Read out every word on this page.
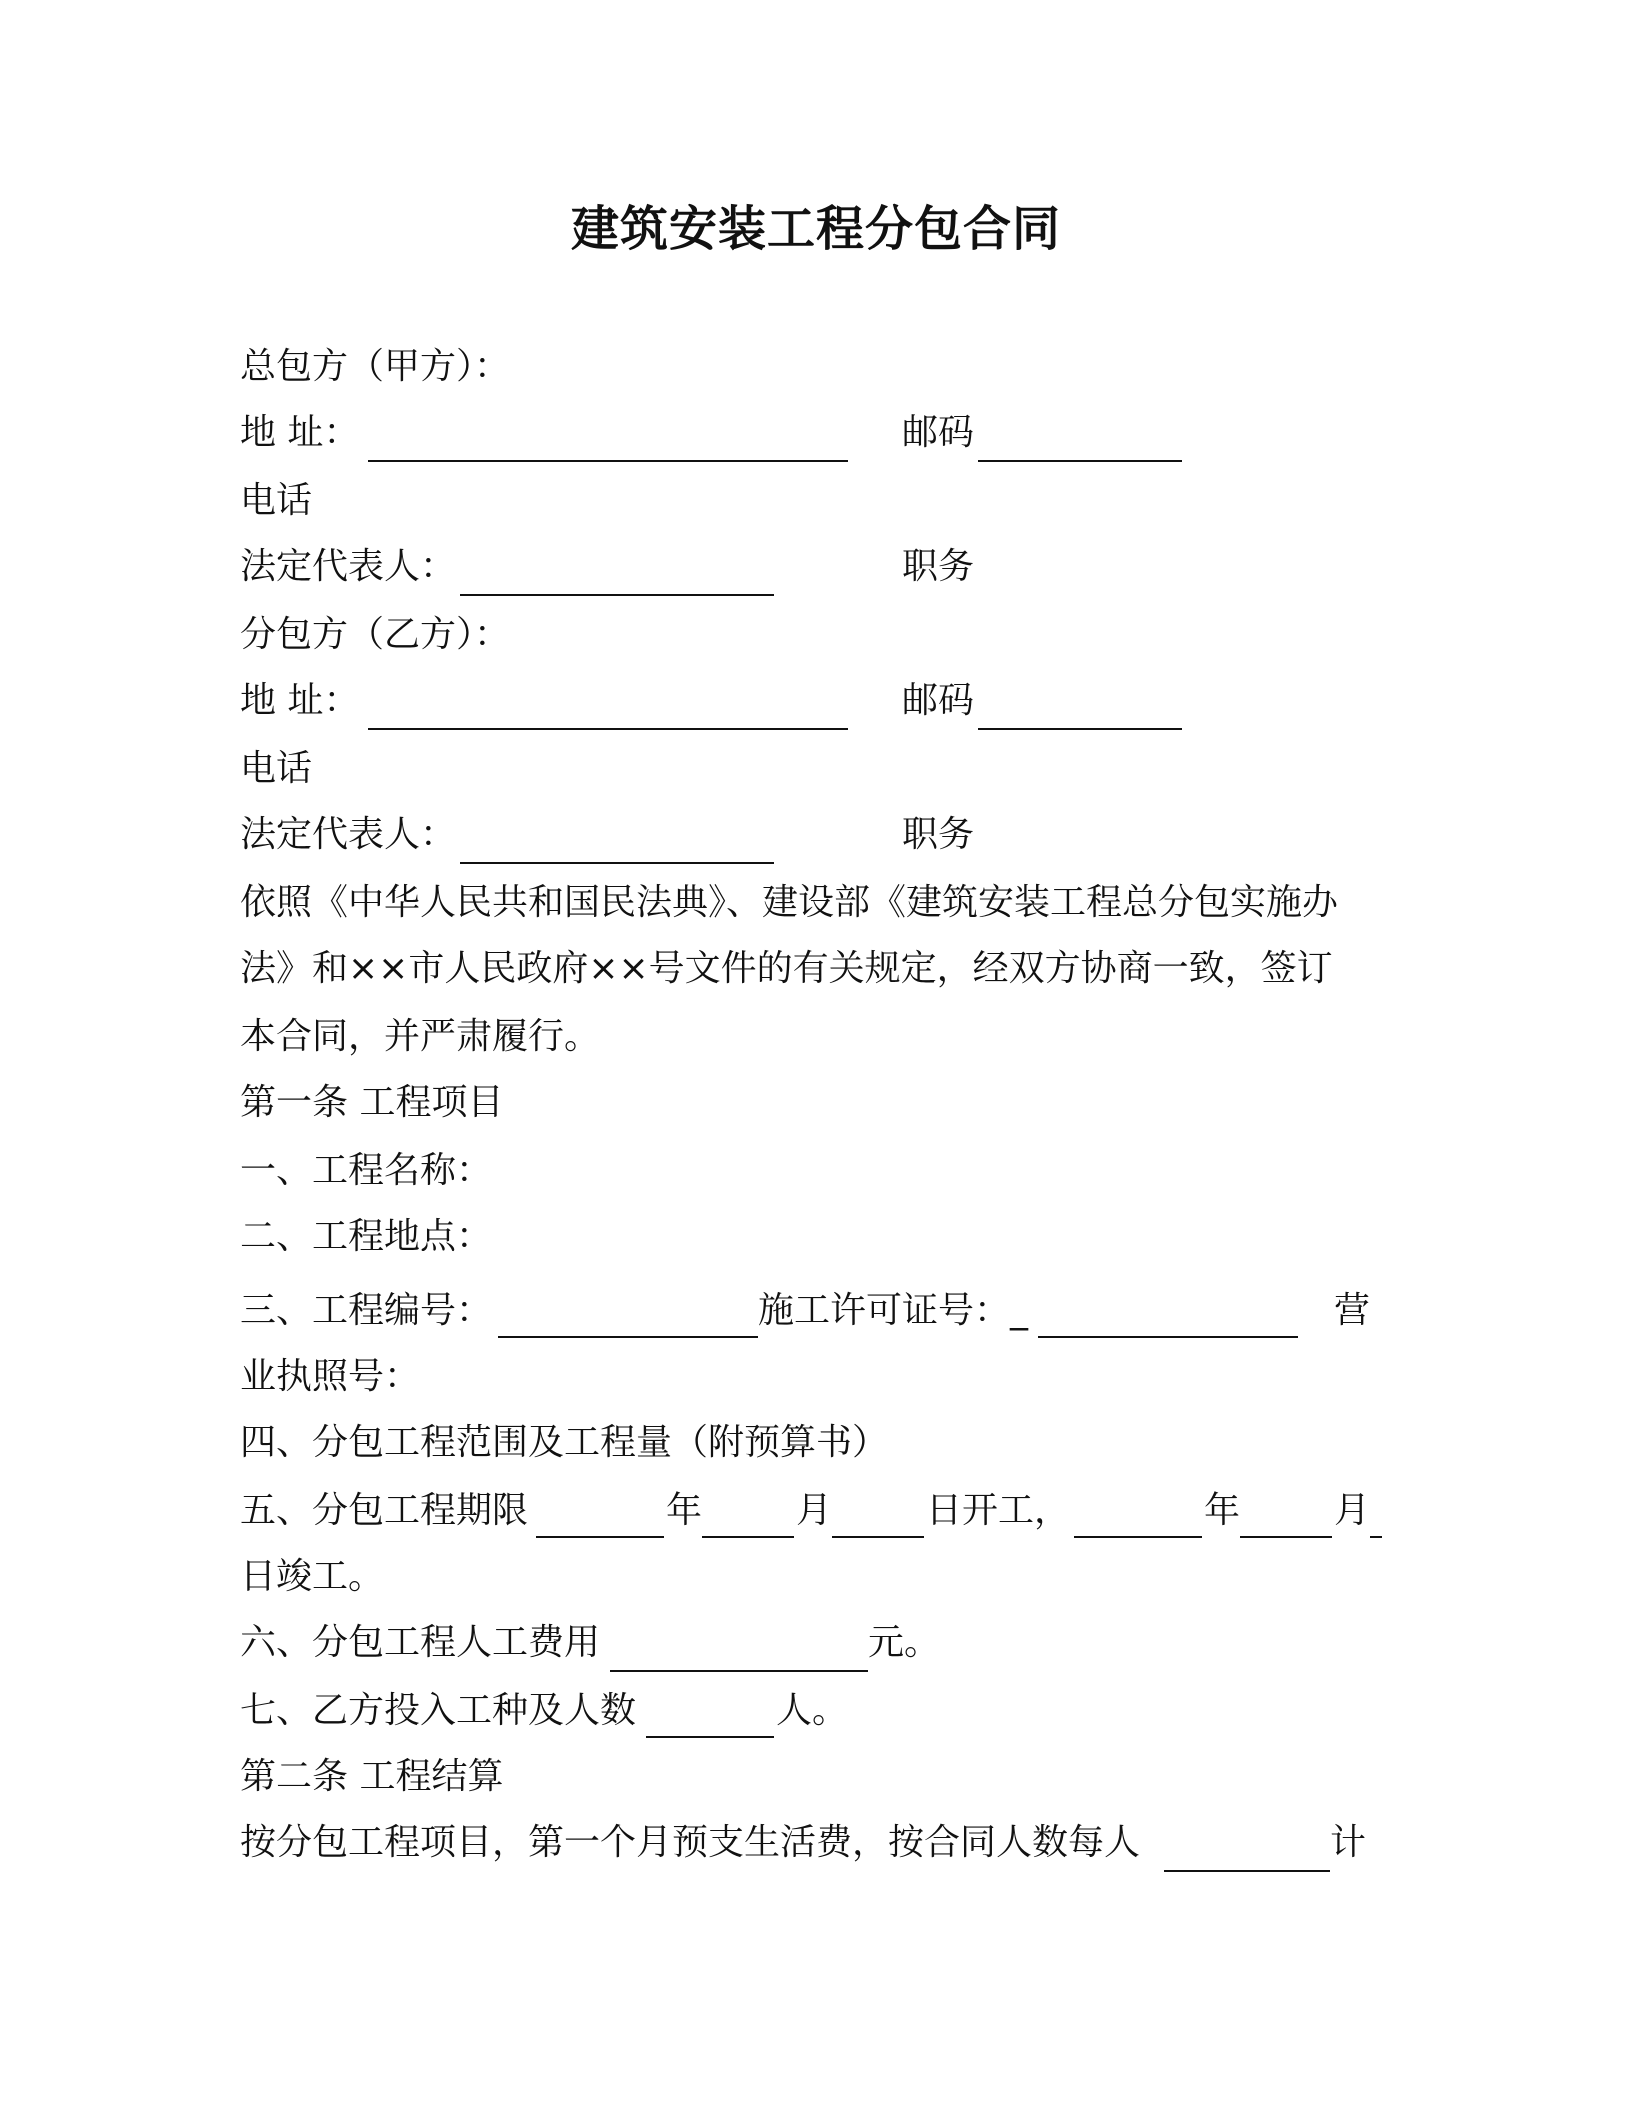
建筑安装工程分包合同
总包方（甲方）：
地 址：	邮码
电话
法定代表人：	职务
分包方（乙方）：
地 址：	邮码
电话
法定代表人：	职务
依照《中华人民共和国民法典》、建设部《建筑安装工程总分包实施办
法》和××市人民政府××号文件的有关规定，经双方协商一致，签订
本合同，并严肃履行。
第一条 工程项目
一、工程名称：
二、工程地点：
三、工程编号：	施工许可证号：_	营
业执照号：
四、分包工程范围及工程量（附预算书）
五、分包工程期限	年	月	日开工，	年	月
日竣工。
六、分包工程人工费用	元。
七、乙方投入工种及人数	人。
第二条 工程结算
按分包工程项目，第一个月预支生活费，按合同人数每人	计
